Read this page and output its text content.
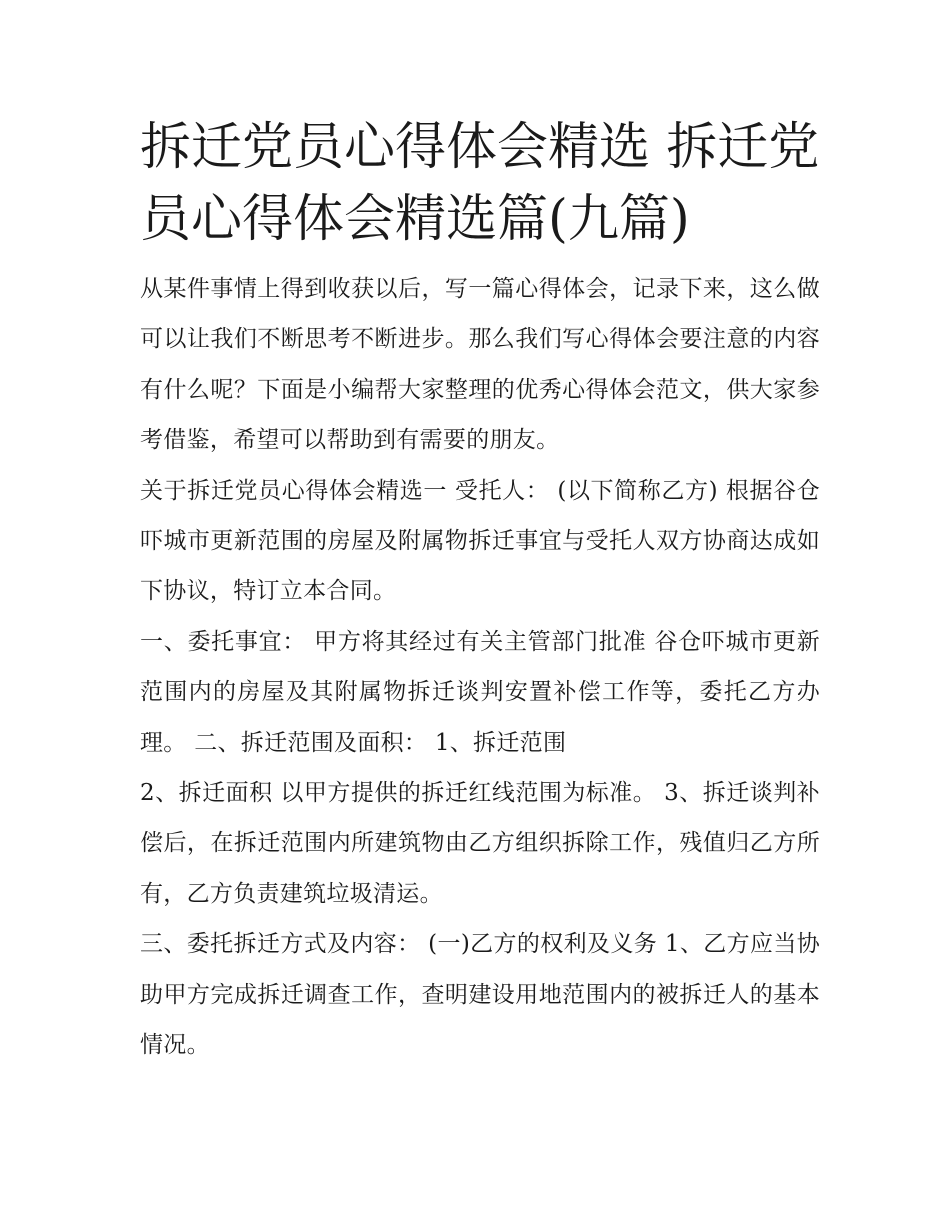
拆迁党员心得体会精选 拆迁党员心得体会精选篇(九篇)

从某件事情上得到收获以后，写一篇心得体会，记录下来，这么做可以让我们不断思考不断进步。那么我们写心得体会要注意的内容有什么呢？下面是小编帮大家整理的优秀心得体会范文，供大家参考借鉴，希望可以帮助到有需要的朋友。

关于拆迁党员心得体会精选一 受托人： (以下简称乙方) 根据谷仓吓城市更新范围的房屋及附属物拆迁事宜与受托人双方协商达成如下协议，特订立本合同。

一、委托事宜： 甲方将其经过有关主管部门批准 谷仓吓城市更新范围内的房屋及其附属物拆迁谈判安置补偿工作等，委托乙方办理。 二、拆迁范围及面积： 1、拆迁范围

2、拆迁面积 以甲方提供的拆迁红线范围为标准。 3、拆迁谈判补偿后，在拆迁范围内所建筑物由乙方组织拆除工作，残值归乙方所有，乙方负责建筑垃圾清运。

三、委托拆迁方式及内容： (一)乙方的权利及义务 1、乙方应当协助甲方完成拆迁调查工作，查明建设用地范围内的被拆迁人的基本情况。
